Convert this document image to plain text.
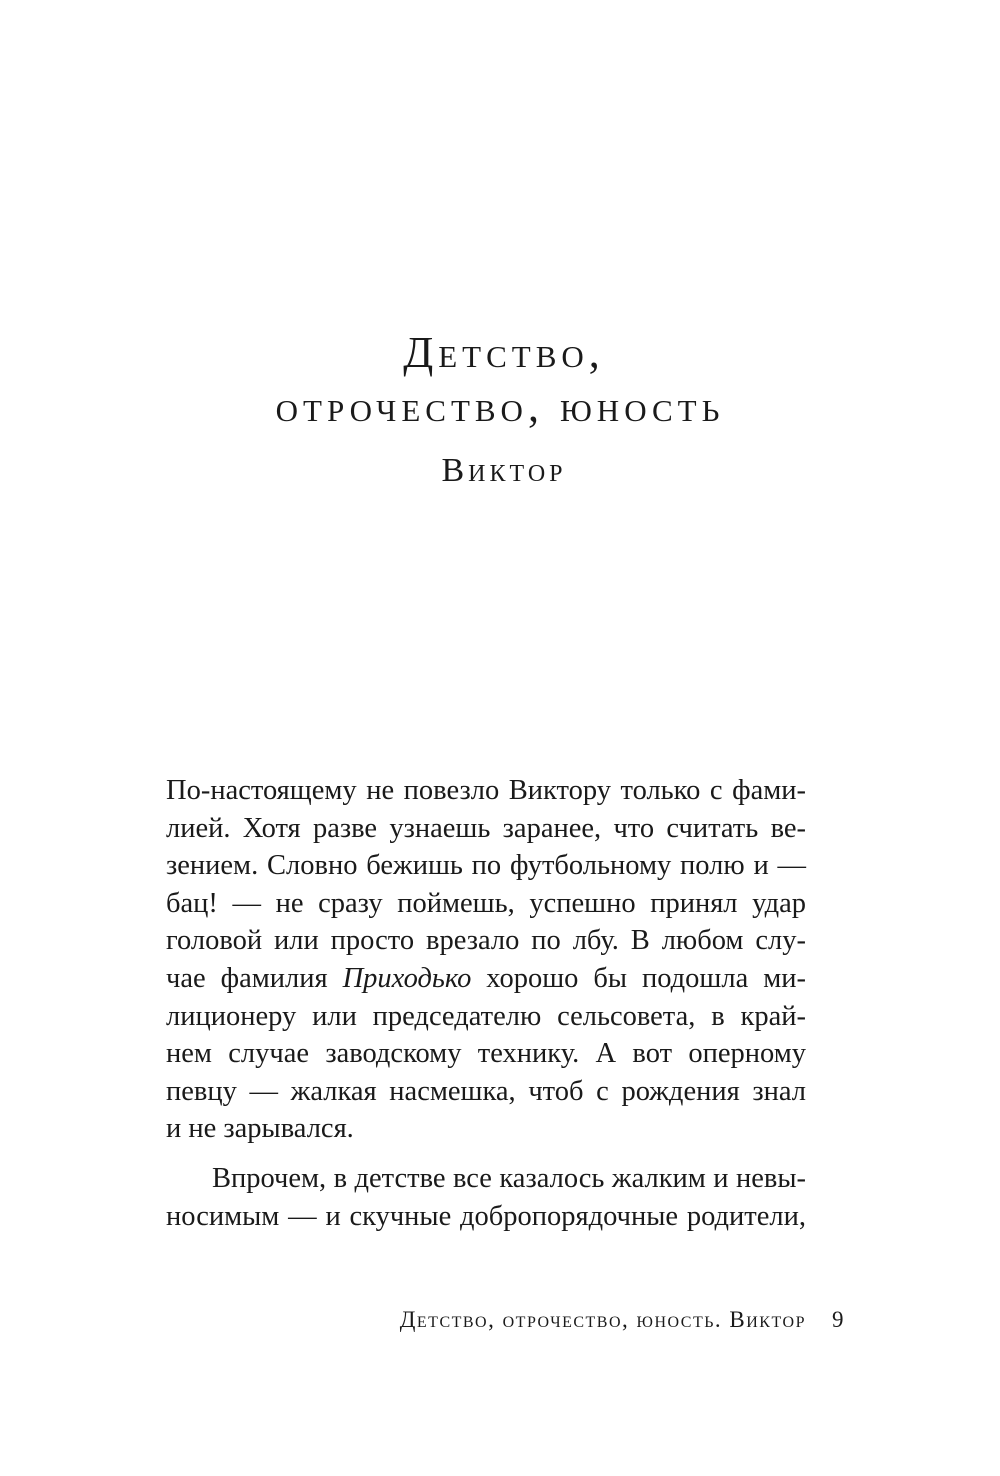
Детство,
отрочество, юность
Виктор
По-настоящему не повезло Виктору только с фами-
лией. Хотя разве узнаешь заранее, что считать ве-
зением. Словно бежишь по футбольному полю и —
бац! — не сразу поймешь, успешно принял удар
головой или просто врезало по лбу. В любом слу-
чае фамилия Приходько хорошо бы подошла ми-
лиционеру или председателю сельсовета, в край-
нем случае заводскому технику. А вот оперному
певцу — жалкая насмешка, чтоб с рождения знал
и не зарывался.
Впрочем, в детстве все казалось жалким и невы-
носимым — и скучные добропорядочные родители,
Детство, отрочество, юность. Виктор 9
